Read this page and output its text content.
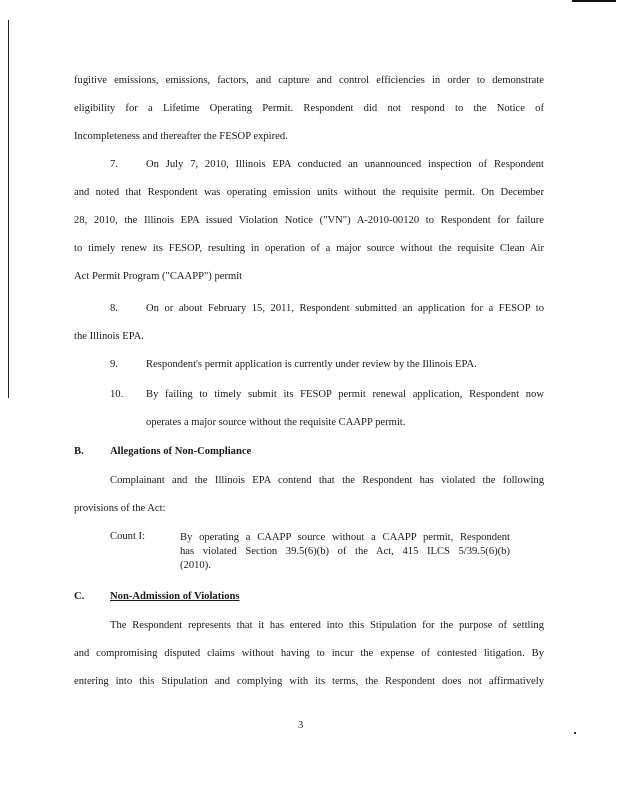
fugitive emissions, emissions, factors, and capture and control efficiencies in order to demonstrate
eligibility for a Lifetime Operating Permit. Respondent did not respond to the Notice of
Incompleteness and thereafter the FESOP expired.
7.	On July 7, 2010, Illinois EPA conducted an unannounced inspection of Respondent
and noted that Respondent was operating emission units without the requisite permit. On December
28, 2010, the Illinois EPA issued Violation Notice ("VN") A-2010-00120 to Respondent for failure
to timely renew its FESOP, resulting in operation of a major source without the requisite Clean Air
Act Permit Program ("CAAPP") permit
8.	On or about February 15, 2011, Respondent submitted an application for a FESOP to
the Illinois EPA.
9.	Respondent's permit application is currently under review by the Illinois EPA.
10. By failing to timely submit its FESOP permit renewal application, Respondent now
operates a major source without the requisite CAAPP permit.
B. Allegations of Non-Compliance
Complainant and the Illinois EPA contend that the Respondent has violated the following
provisions of the Act:
Count I:	By operating a CAAPP source without a CAAPP permit, Respondent
has violated Section 39.5(6)(b) of the Act, 415 ILCS 5/39.5(6)(b)
(2010).
C. Non-Admission of Violations
The Respondent represents that it has entered into this Stipulation for the purpose of settling
and compromising disputed claims without having to incur the expense of contested litigation. By
entering into this Stipulation and complying with its terms, the Respondent does not affirmatively
3
